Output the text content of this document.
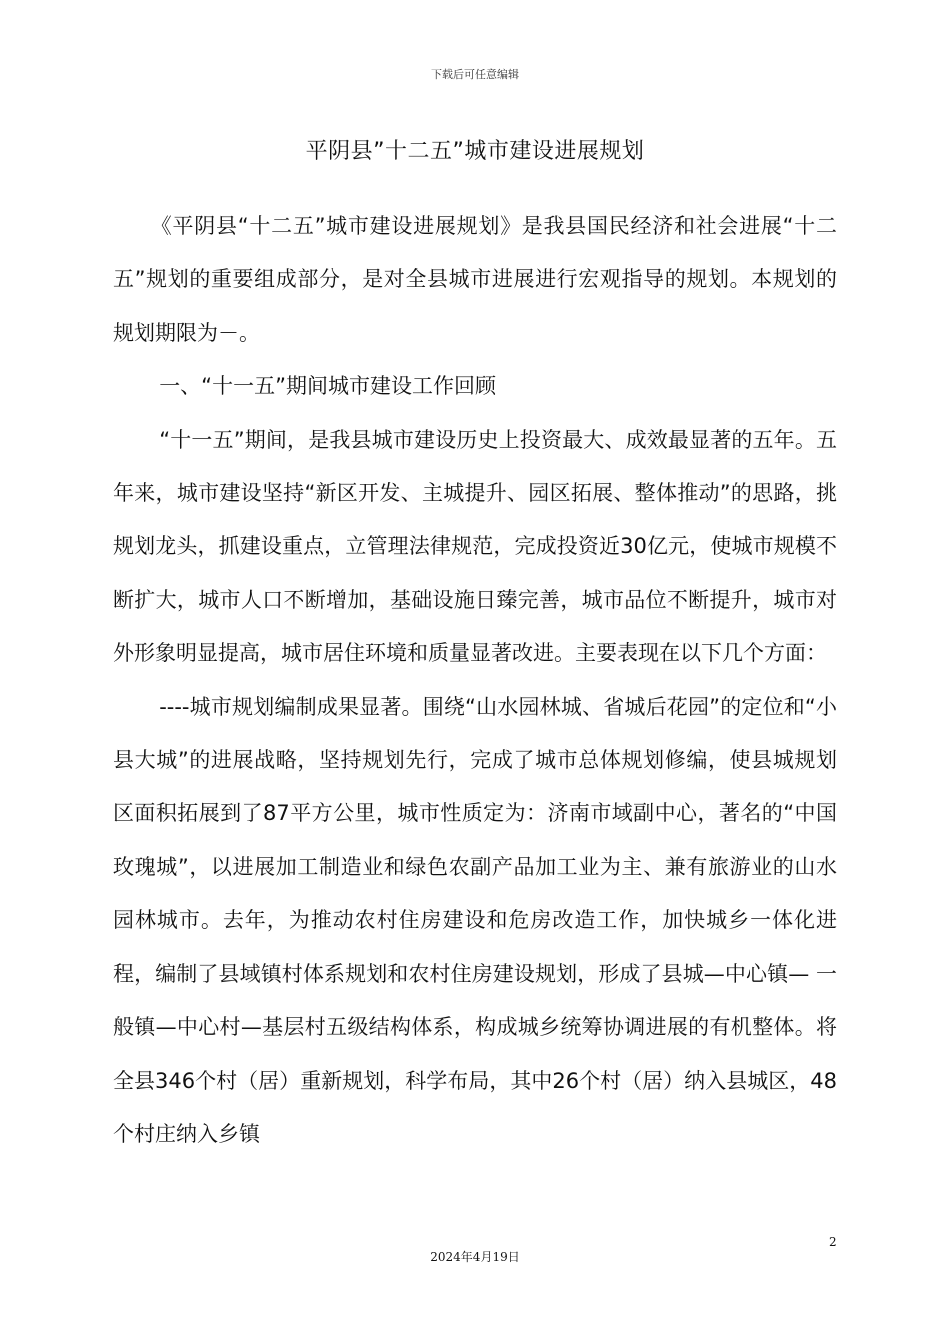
下载后可任意编辑
平阴县”十二五”城市建设进展规划

《平阴县“十二五”城市建设进展规划》是我县国民经济和社会进展“十二五”规划的重要组成部分，是对全县城市进展进行宏观指导的规划。本规划的规划期限为－。

一、“十一五”期间城市建设工作回顾

“十一五”期间，是我县城市建设历史上投资最大、成效最显著的五年。五年来，城市建设坚持“新区开发、主城提升、园区拓展、整体推动”的思路，挑规划龙头，抓建设重点，立管理法律规范，完成投资近30亿元，使城市规模不断扩大，城市人口不断增加，基础设施日臻完善，城市品位不断提升，城市对外形象明显提高，城市居住环境和质量显著改进。主要表现在以下几个方面：

----城市规划编制成果显著。围绕“山水园林城、省城后花园”的定位和“小县大城”的进展战略，坚持规划先行，完成了城市总体规划修编，使县城规划区面积拓展到了87平方公里，城市性质定为：济南市域副中心，著名的“中国玫瑰城”，以进展加工制造业和绿色农副产品加工业为主、兼有旅游业的山水园林城市。去年，为推动农村住房建设和危房改造工作，加快城乡一体化进程，编制了县域镇村体系规划和农村住房建设规划，形成了县城—中心镇— 一般镇—中心村—基层村五级结构体系，构成城乡统筹协调进展的有机整体。将全县346个村（居）重新规划，科学布局，其中26个村（居）纳入县城区，48个村庄纳入乡镇

2
2024年4月19日
